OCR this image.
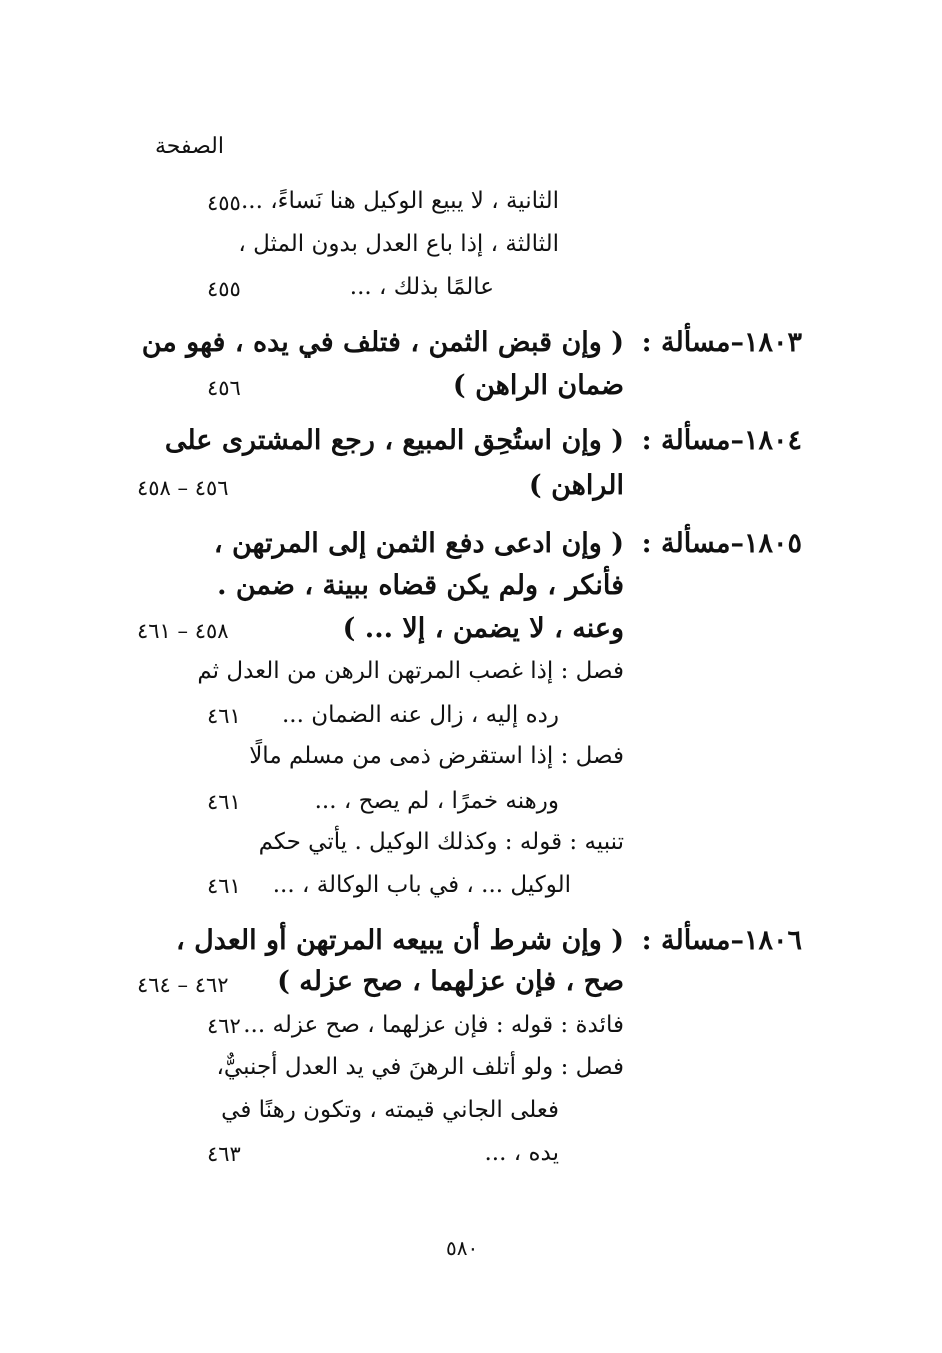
الصفحة
الثانية ، لا يبيع الوكيل هنا نَساءً، ...
٤٥٥
الثالثة ، إذا باع العدل بدون المثل ،
عالمًا بذلك ، ...
٤٥٥
١٨٠٣–مسألة :
( وإن قبض الثمن ، فتلف في يده ، فهو من
ضمان الراهن )
٤٥٦
١٨٠٤–مسألة :
( وإن استُحِق المبيع ، رجع المشترى على
الراهن )
٤٥٦ – ٤٥٨
١٨٠٥–مسألة :
( وإن ادعى دفع الثمن إلى المرتهن ،
فأنكر ، ولم يكن قضاه ببينة ، ضمن .
وعنه ، لا يضمن ، إلا ... )
٤٥٨ – ٤٦١
فصل : إذا غصب المرتهن الرهن من العدل ثم
رده إليه ، زال عنه الضمان ...
٤٦١
فصل : إذا استقرض ذمى من مسلم مالًا
ورهنه خمرًا ، لم يصح ، ...
٤٦١
تنبيه : قوله : وكذلك الوكيل . يأتي حكم
الوكيل ... ، في باب الوكالة ، ...
٤٦١
١٨٠٦–مسألة :
( وإن شرط أن يبيعه المرتهن أو العدل ،
صح ، فإن عزلهما ، صح عزله )
٤٦٢ – ٤٦٤
فائدة : قوله : فإن عزلهما ، صح عزله ...
٤٦٢
فصل : ولو أتلف الرهنَ في يد العدل أجنبيٌّ،
فعلى الجاني قيمته ، وتكون رهنًا في
يده ، ...
٤٦٣
٥٨٠
